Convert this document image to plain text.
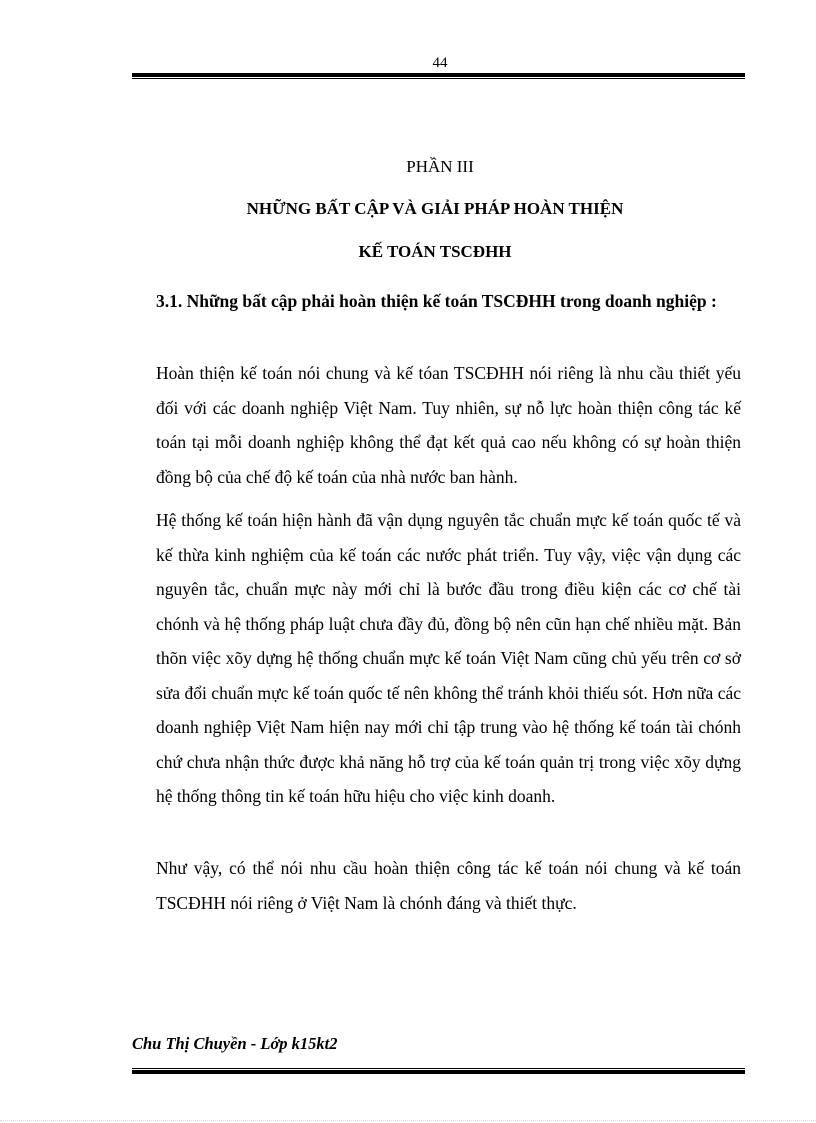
44
PHẦN III
NHỮNG BẤT CẬP VÀ GIẢI PHÁP HOÀN THIỆN
KẾ TOÁN TSCĐHH
3.1. Những bất cập phải hoàn thiện kế toán TSCĐHH trong doanh nghiệp :

Hoàn thiện kế toán nói chung và kế tóan TSCĐHH nói riêng là nhu cầu thiết yếu đối với các doanh nghiệp Việt Nam. Tuy nhiên, sự nỗ lực hoàn thiện công tác kế toán tại mỗi doanh nghiệp không thể đạt kết quả cao nếu không có sự hoàn thiện đồng bộ của chế độ kế toán của nhà nước ban hành.

Hệ thống kế toán hiện hành đã vận dụng nguyên tắc chuẩn mực kế toán quốc tế và kế thừa kinh nghiệm của kế toán các nước phát triển. Tuy vậy, việc vận dụng các nguyên tắc, chuẩn mực này mới chỉ là bước đầu trong điều kiện các cơ chế tài chónh và hệ thống pháp luật chưa đầy đủ, đồng bộ nên cũn hạn chế nhiều mặt. Bản thõn việc xõy dựng hệ thống chuẩn mực kế toán Việt Nam cũng chủ yếu trên cơ sở sửa đổi chuẩn mực kế toán quốc tế nên không thể tránh khỏi thiếu sót. Hơn nữa các doanh nghiệp Việt Nam hiện nay mới chỉ tập trung vào hệ thống kế toán tài chónh chứ chưa nhận thức được khả năng hỗ trợ của kế toán quản trị trong việc xõy dựng hệ thống thông tin kế toán hữu hiệu cho việc kinh doanh.

Như vậy, có thể nói nhu cầu hoàn thiện công tác kế toán nói chung và kế toán TSCĐHH nói riêng ở Việt Nam là chónh đáng và thiết thực.

Chu Thị Chuyền - Lớp k15kt2
